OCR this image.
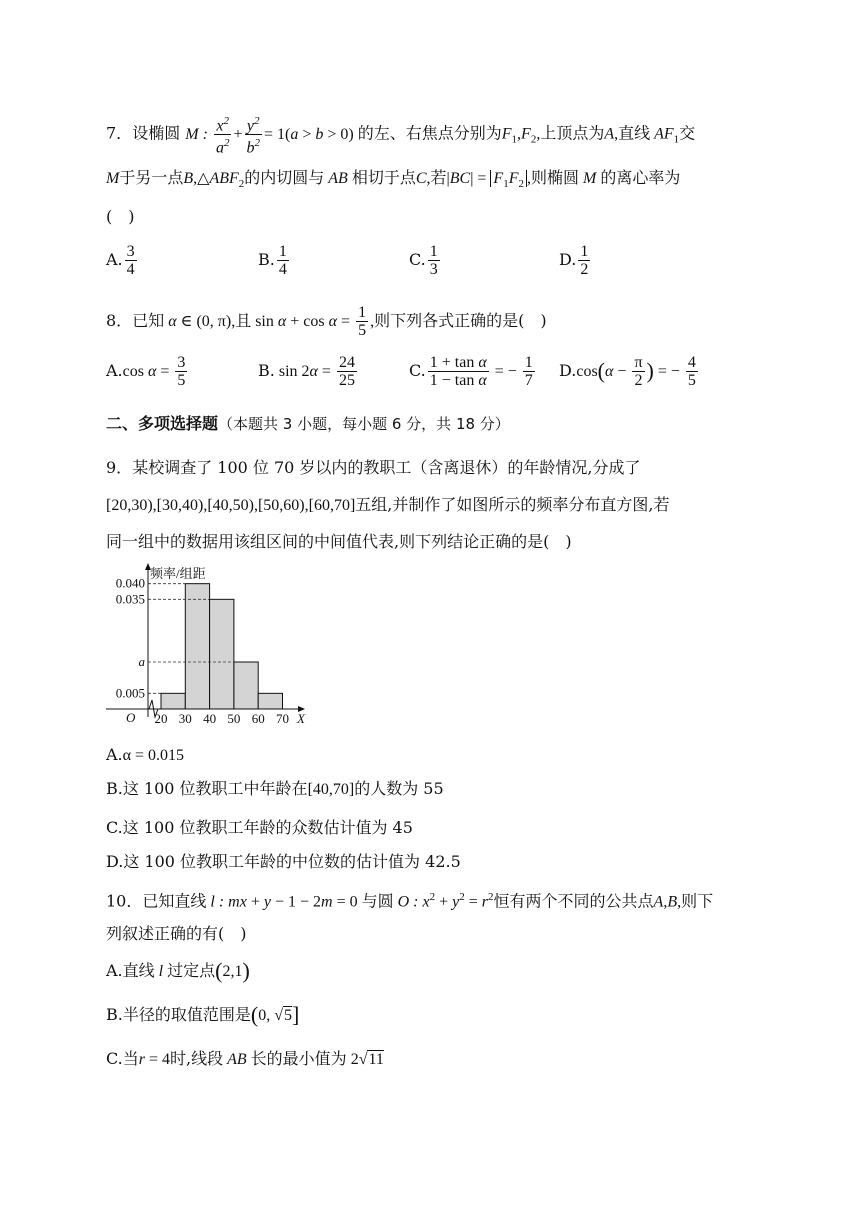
7．设椭圆 M : $\frac{x^2}{a^2} + \frac{y^2}{b^2} = 1(a > b > 0)$ 的左、右焦点分别为$F_1,F_2$,上顶点为A,直线 $AF_1$交
M于另一点$B,\triangle ABF_2$的内切圆与 AB 相切于点C,若$|BC| = F_1F_2$ ,则椭圆 M 的离心率为
(　)
A. $\frac{3}{4}$	B. $\frac{1}{4}$	C. $\frac{1}{3}$	D. $\frac{1}{2}$
8．已知 α ∈ (0, π),且 $\sin \alpha + \cos \alpha = \frac{1}{5}$ ,则下列各式正确的是(　)
A.cos $\alpha = \frac{3}{5}$	B. $\sin 2\alpha = \frac{24}{25}$	C. $\frac{\text{1 + tan α}}{\text{1 − tan α}}$ = − $\frac{1}{7} D.\cos(\alpha - \frac{\pi}{2}$ ) = − $\frac{4}{5}$
二、多项选择题（本题共 3 小题，每小题 6 分，共 18 分）
9．某校调查了 100 位 70 岁以内的教职工（含离退休）的年龄情况,分成了
[20,30),[30,40),[40,50),[50,60),[60,70]五组,并制作了如图所示的频率分布直方图,若
同一组中的数据用该组区间的中间值代表,则下列结论正确的是(　)
0.040
0.035
a
0.005
频率/组距
O 20 30 40 50 60 70 X
A.α = 0.015
B.这 100 位教职工中年龄在[40,70]的人数为 55
C.这 100 位教职工年龄的众数估计值为 45
D.这 100 位教职工年龄的中位数的估计值为 42.5
10．已知直线 l : mx + y − 1 − 2m = 0 与圆 O : $x^2 + y^2 = r^2$恒有两个不同的公共点A,B,则下
列叙述正确的有(　)
A.直线 l 过定点(2,1)
B.半径的取值范围是(0, √5]
C.当r = 4时,线段 AB 长的最小值为 2√11
